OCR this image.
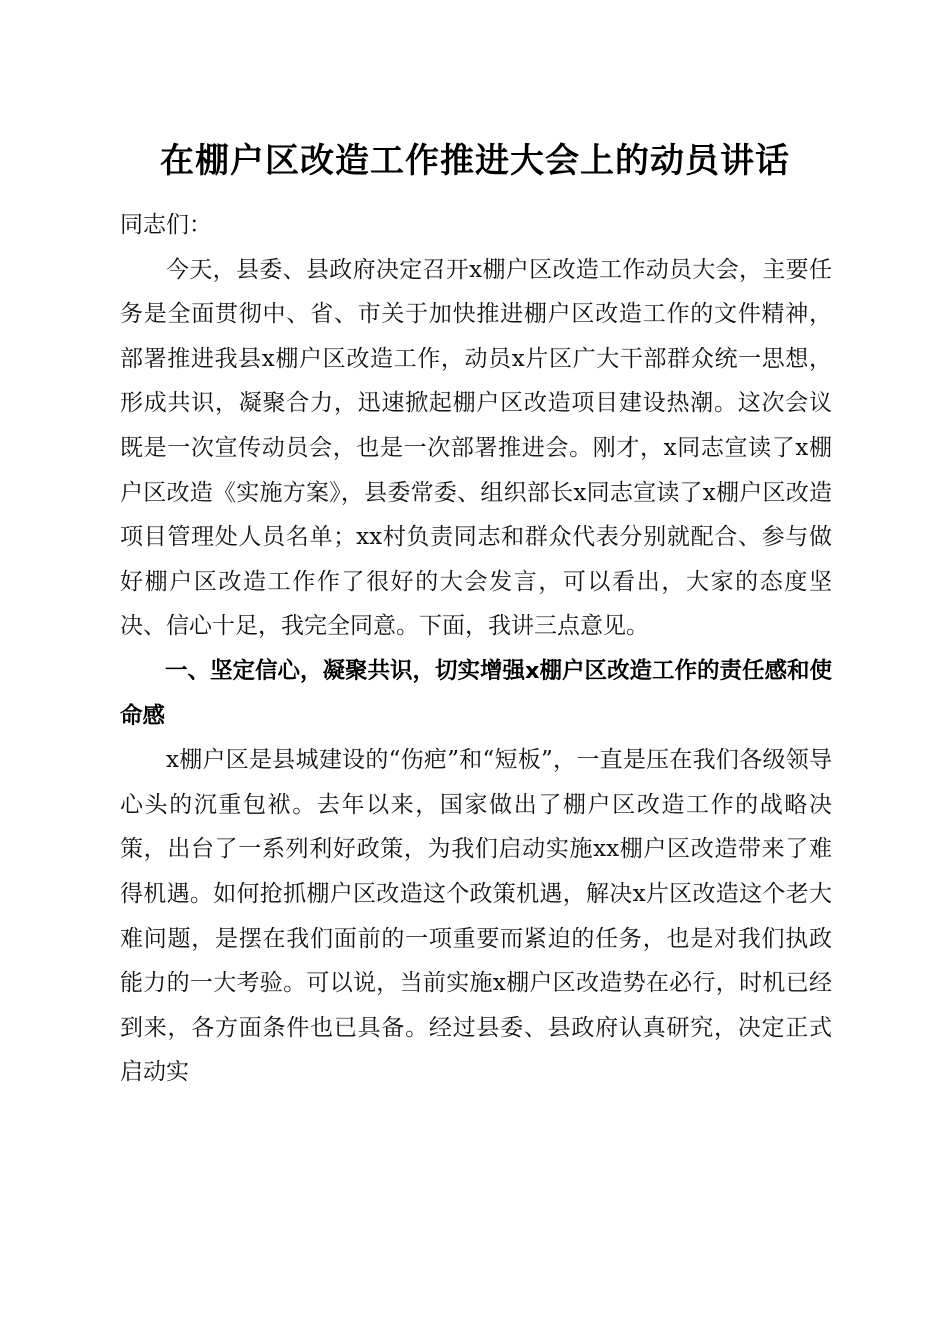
在棚户区改造工作推进大会上的动员讲话

同志们：

今天，县委、县政府决定召开x棚户区改造工作动员大会，主要任务是全面贯彻中、省、市关于加快推进棚户区改造工作的文件精神，部署推进我县x棚户区改造工作，动员x片区广大干部群众统一思想，形成共识，凝聚合力，迅速掀起棚户区改造项目建设热潮。这次会议既是一次宣传动员会，也是一次部署推进会。刚才，x同志宣读了x棚户区改造《实施方案》，县委常委、组织部长x同志宣读了x棚户区改造项目管理处人员名单；xx村负责同志和群众代表分别就配合、参与做好棚户区改造工作作了很好的大会发言，可以看出，大家的态度坚决、信心十足，我完全同意。下面，我讲三点意见。

一、坚定信心，凝聚共识，切实增强x棚户区改造工作的责任感和使命感

x棚户区是县城建设的“伤疤”和“短板”，一直是压在我们各级领导心头的沉重包袱。去年以来，国家做出了棚户区改造工作的战略决策，出台了一系列利好政策，为我们启动实施xx棚户区改造带来了难得机遇。如何抢抓棚户区改造这个政策机遇，解决x片区改造这个老大难问题，是摆在我们面前的一项重要而紧迫的任务，也是对我们执政能力的一大考验。可以说，当前实施x棚户区改造势在必行，时机已经到来，各方面条件也已具备。经过县委、县政府认真研究，决定正式启动实
